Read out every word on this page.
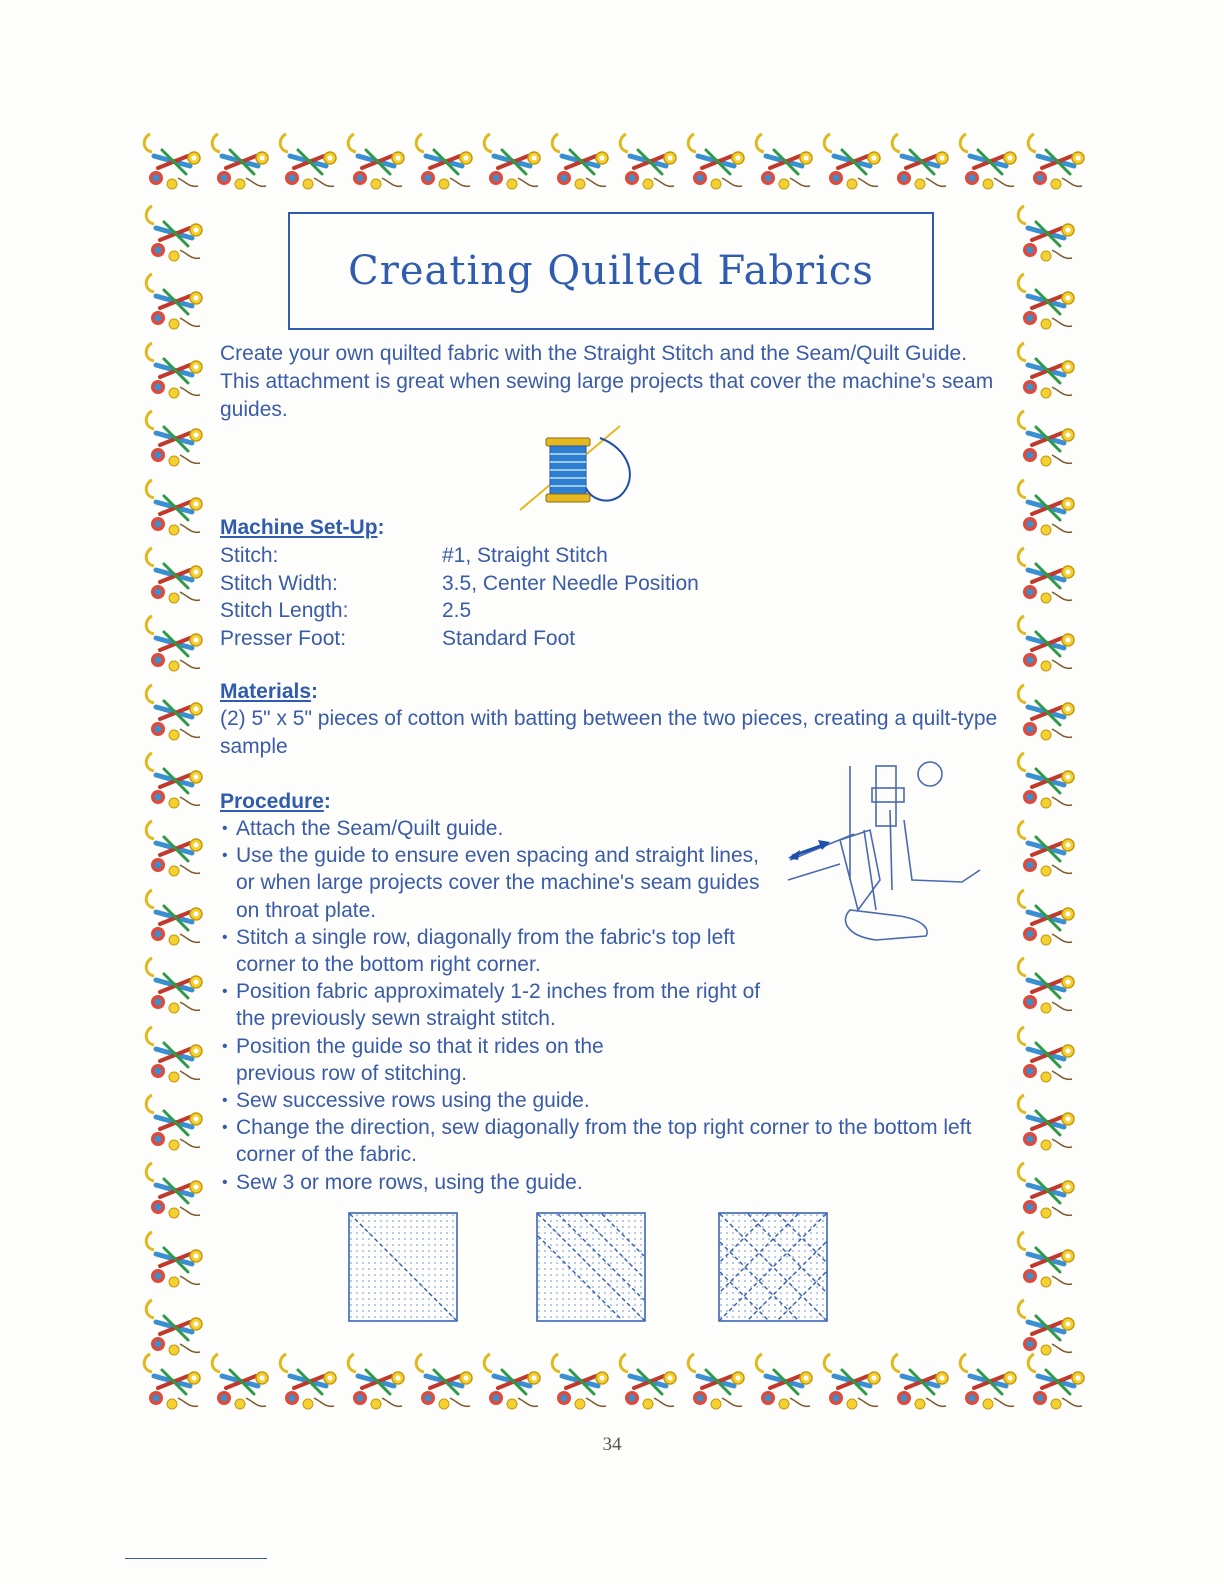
Creating Quilted Fabrics

Create your own quilted fabric with the Straight Stitch and the Seam/Quilt Guide. This attachment is great when sewing large projects that cover the machine's seam guides.

Machine Set-Up:
Stitch:	#1, Straight Stitch
Stitch Width:	3.5, Center Needle Position
Stitch Length:	2.5
Presser Foot:	Standard Foot
Materials:

(2) 5" x 5" pieces of cotton with batting between the two pieces, creating a quilt-type sample

Procedure:
• Attach the Seam/Quilt guide.
• Use the guide to ensure even spacing and straight lines, or when large projects cover the machine's seam guides on throat plate.
• Stitch a single row, diagonally from the fabric's top left corner to the bottom right corner.
• Position fabric approximately 1-2 inches from the right of the previously sewn straight stitch.
• Position the guide so that it rides on the previous row of stitching.
• Sew successive rows using the guide.
• Change the direction, sew diagonally from the top right corner to the bottom left corner of the fabric.
• Sew 3 or more rows, using the guide.
34
